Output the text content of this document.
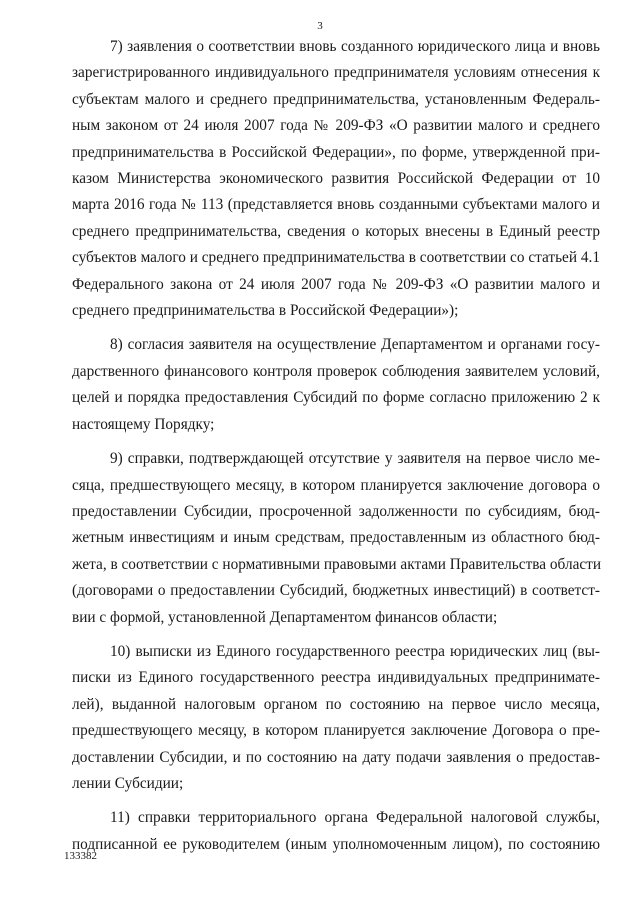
3

7) заявления о соответствии вновь созданного юридического лица и вновь
зарегистрированного индивидуального предпринимателя условиям отнесения к
субъектам малого и среднего предпринимательства, установленным Федераль-
ным законом от 24 июля 2007 года № 209-ФЗ «О развитии малого и среднего
предпринимательства в Российской Федерации», по форме, утвержденной при-
казом Министерства экономического развития Российской Федерации от 10
марта 2016 года № 113 (представляется вновь созданными субъектами малого и
среднего предпринимательства, сведения о которых внесены в Единый реестр
субъектов малого и среднего предпринимательства в соответствии со статьей 4.1
Федерального закона от 24 июля 2007 года № 209-ФЗ «О развитии малого и
среднего предпринимательства в Российской Федерации»);

8) согласия заявителя на осуществление Департаментом и органами госу-
дарственного финансового контроля проверок соблюдения заявителем условий,
целей и порядка предоставления Субсидий по форме согласно приложению 2 к
настоящему Порядку;

9) справки, подтверждающей отсутствие у заявителя на первое число ме-
сяца, предшествующего месяцу, в котором планируется заключение договора о
предоставлении Субсидии, просроченной задолженности по субсидиям, бюд-
жетным инвестициям и иным средствам, предоставленным из областного бюд-
жета, в соответствии с нормативными правовыми актами Правительства области
(договорами о предоставлении Субсидий, бюджетных инвестиций) в соответст-
вии с формой, установленной Департаментом финансов области;

10) выписки из Единого государственного реестра юридических лиц (вы-
писки из Единого государственного реестра индивидуальных предпринимате-
лей), выданной налоговым органом по состоянию на первое число месяца,
предшествующего месяцу, в котором планируется заключение Договора о пре-
доставлении Субсидии, и по состоянию на дату подачи заявления о предостав-
лении Субсидии;

11) справки территориального органа Федеральной налоговой службы,
подписанной ее руководителем (иным уполномоченным лицом), по состоянию

133382
